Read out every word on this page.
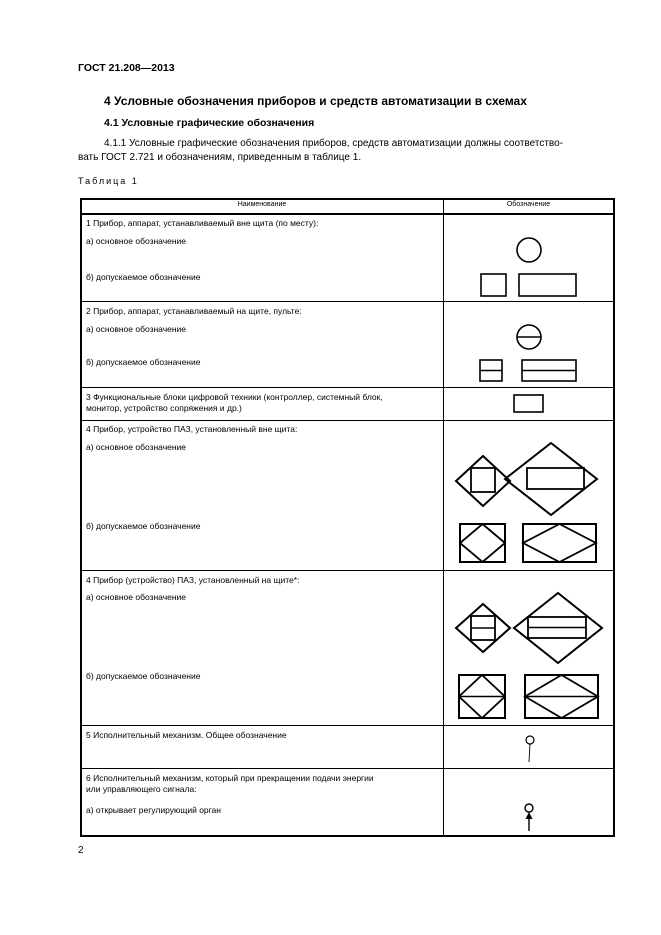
ГОСТ 21.208—2013
4 Условные обозначения приборов и средств автоматизации в схемах
4.1 Условные графические обозначения
4.1.1 Условные графические обозначения приборов, средств автоматизации должны соответство-
вать ГОСТ 2.721 и обозначениям, приведенным в таблице 1.
Таблица 1
Наименование	Обозначение
1 Прибор, аппарат, устанавливаемый вне щита (по месту):
а) основное обозначение
б) допускаемое обозначение
2 Прибор, аппарат, устанавливаемый на щите, пульте:
а) основное обозначение
б) допускаемое обозначение
3 Функциональные блоки цифровой техники (контроллер, системный блок,
монитор, устройство сопряжения и др.)
4 Прибор, устройство ПАЗ, установленный вне щита:
а) основное обозначение
б) допускаемое обозначение
4 Прибор (устройство) ПАЗ, установленный на щите*:
а) основное обозначение
б) допускаемое обозначение
5 Исполнительный механизм. Общее обозначение
6 Исполнительный механизм, который при прекращении подачи энергии
или управляющего сигнала:
а) открывает регулирующий орган
2
